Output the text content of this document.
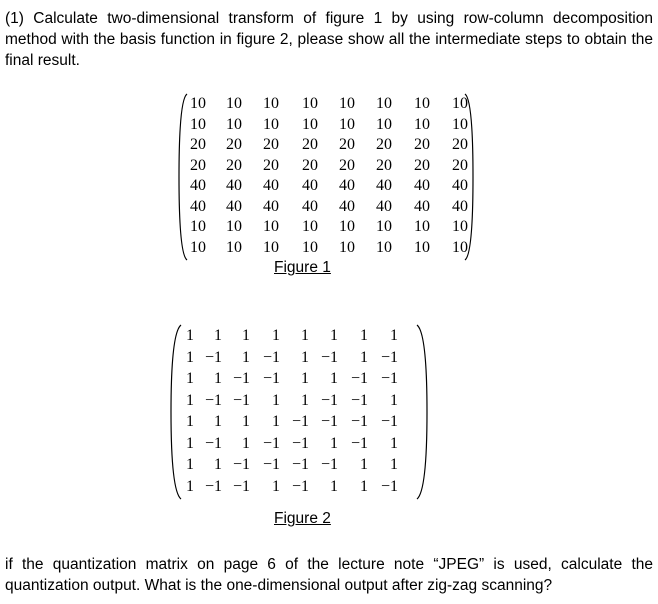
(1) Calculate two-dimensional transform of figure 1 by using row-column decomposition method with the basis function in figure 2, please show all the intermediate steps to obtain the final result.

10	10	10	10	10	10	10	10
10	10	10	10	10	10	10	10
20	20	20	20	20	20	20	20
20	20	20	20	20	20	20	20
40	40	40	40	40	40	40	40
40	40	40	40	40	40	40	40
10	10	10	10	10	10	10	10
10	10	10	10	10	10	10	10
Figure 1
1	1	1	1	1	1	1	1
1 −1	1 −1	1 −1	1 −1
1	1 −1 −1	1	1 −1 −1
1 −1 −1	1	1 −1 −1	1
1	1	1	1 −1 −1 −1 −1
1 −1	1 −1 −1	1 −1	1
1	1 −1 −1 −1 −1	1	1
1 −1 −1	1 −1	1	1 −1
Figure 2

if the quantization matrix on page 6 of the lecture note “JPEG” is used, calculate the quantization output. What is the one-dimensional output after zig-zag scanning?
